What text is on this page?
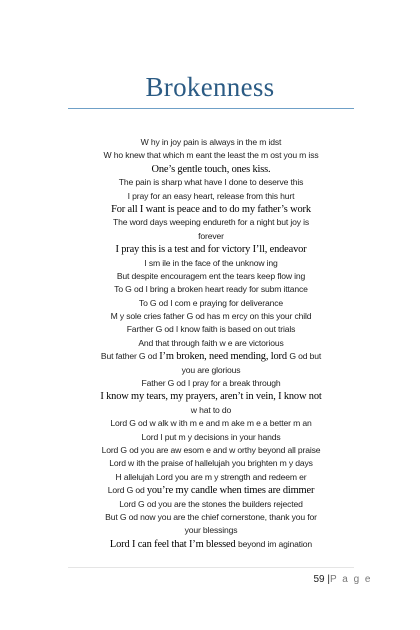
Brokenness
W hy in joy pain is always in the m idst
W ho knew that which m eant the least the m ost you m iss
One’s gentle touch, ones kiss.
The pain is sharp what have I done to deserve this
I pray for an easy heart, release from this hurt
For all I want is peace and to do my father’s work
The word days weeping endureth for a night but joy is
forever
I pray this is a test and for victory I’ll, endeavor
I sm ile in the face of the unknow ing
But despite encouragem ent the tears keep flow ing
To G od I bring a broken heart ready for subm ittance
To G od I com e praying for deliverance
M y sole cries father G od has m ercy on this your child
Farther G od I know faith is based on out trials
And that through faith w e are victorious
But father G od I’m broken, need mending, lord G od but
you are glorious
Father G od I pray for a break through
I know my tears, my prayers, aren’t in vein, I know not
w hat to do
Lord G od w alk w ith m e and m ake m e a better m an
Lord I put m y decisions in your hands
Lord G od you are aw esom e and w orthy beyond all praise
Lord w ith the praise of hallelujah you brighten m y days
H allelujah Lord you are m y strength and redeem er
Lord G od you’re my candle when times are dimmer
Lord G od you are the stones the builders rejected
But G od now you are the chief cornerstone, thank you for
your blessings
Lord I can feel that I’m blessed beyond im agination
59 |P a g e
